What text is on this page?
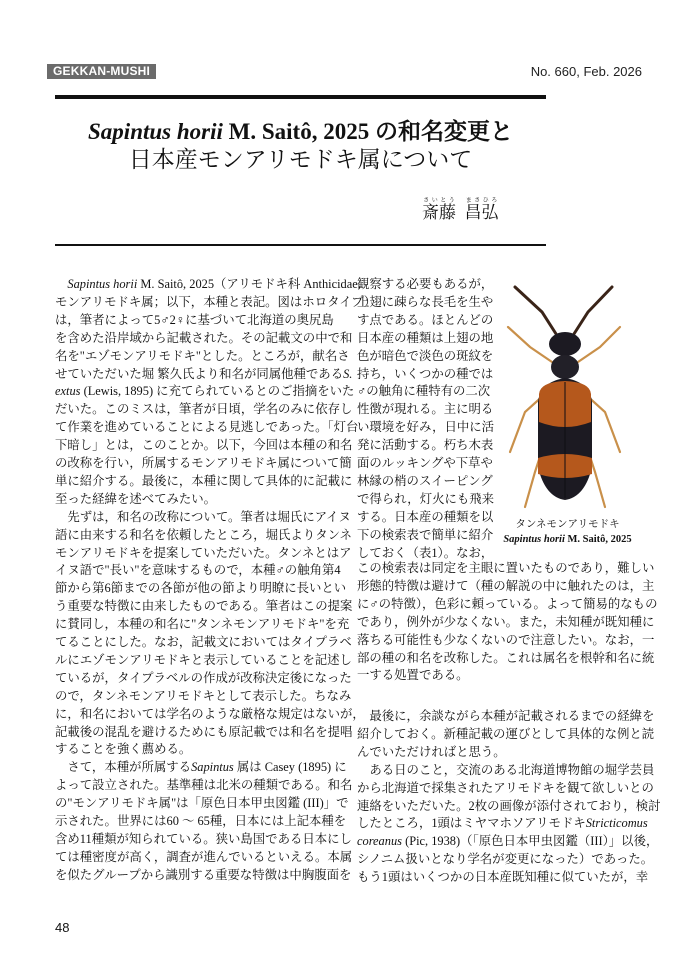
GEKKAN-MUSHI	No. 660, Feb. 2026
Sapintus horii M. Saitô, 2025 の和名変更と
日本産モンアリモドキ属について
斎藤さいとう  昌弘まさひろ
　Sapintus horii M. Saitô, 2025（アリモドキ科 Anthicidae,
モンアリモドキ属；以下，本種と表記。図はホロタイプ）
は，筆者によって5♂2♀に基づいて北海道の奥尻島
を含めた沿岸域から記載された。その記載文の中で和
名を"エゾモンアリモドキ"とした。ところが，献名さ
せていただいた堀 繁久氏より和名が同属他種であるS.
extus (Lewis, 1895) に充てられているとのご指摘をいた
だいた。このミスは，筆者が日頃，学名のみに依存し
て作業を進めていることによる見逃しであった。「灯台
下暗し」とは，このことか。以下，今回は本種の和名
の改称を行い，所属するモンアリモドキ属について簡
単に紹介する。最後に，本種に関して具体的に記載に
至った経緯を述べてみたい。
　先ずは，和名の改称について。筆者は堀氏にアイヌ
語に由来する和名を依頼したところ，堀氏よりタンネ
モンアリモドキを提案していただいた。タンネとはア
イヌ語で"長い"を意味するもので，本種♂の触角第4
節から第6節までの各節が他の節より明瞭に長いとい
う重要な特徴に由来したものである。筆者はこの提案
に賛同し，本種の和名に"タンネモンアリモドキ"を充
てることにした。なお，記載文においてはタイプラベ
ルにエゾモンアリモドキと表示していることを記述し
ているが，タイプラベルの作成が改称決定後になった
ので，タンネモンアリモドキとして表示した。ちなみ
に，和名においては学名のような厳格な規定はないが，
記載後の混乱を避けるためにも原記載では和名を提唱
することを強く薦める。
　さて，本種が所属するSapintus 属は Casey (1895) に
よって設立された。基準種は北米の種類である。和名
の"モンアリモドキ属"は「原色日本甲虫図鑑 (III)」で
示された。世界には60 ～ 65種，日本には上記本種を
含め11種類が知られている。狭い島国である日本にし
ては種密度が高く，調査が進んでいるといえる。本属
を似たグループから識別する重要な特徴は中胸腹面を
観察する必要もあるが，
上翅に疎らな長毛を生や
す点である。ほとんどの
日本産の種類は上翅の地
色が暗色で淡色の斑紋を
持ち，いくつかの種では
♂の触角に種特有の二次
性徴が現れる。主に明る
い環境を好み，日中に活
発に活動する。朽ち木表
面のルッキングや下草や
林縁の梢のスイーピング
で得られ，灯火にも飛来
する。日本産の種類を以
下の検索表で簡単に紹介
しておく（表1）。なお，
この検索表は同定を主眼に置いたものであり，難しい
形態的特徴は避けて（種の解説の中に触れたのは，主
に♂の特徴），色彩に頼っている。よって簡易的なもの
であり，例外が少なくない。また，未知種が既知種に
落ちる可能性も少なくないので注意したい。なお，一
部の種の和名を改称した。これは属名を根幹和名に統
一する処置である。
　最後に，余談ながら本種が記載されるまでの経緯を
紹介しておく。新種記載の運びとして具体的な例と読
んでいただければと思う。
　ある日のこと，交流のある北海道博物館の堀学芸員
から北海道で採集されたアリモドキを観て欲しいとの
連絡をいただいた。2枚の画像が添付されており，検討
したところ，1頭はミヤマホソアリモドキStricticomus
coreanus (Pic, 1938)（「原色日本甲虫図鑑（III）」以後，
シノニム扱いとなり学名が変更になった）であった。
もう1頭はいくつかの日本産既知種に似ていたが，幸
タンネモンアリモドキ
Sapintus horii M. Saitô, 2025
48
